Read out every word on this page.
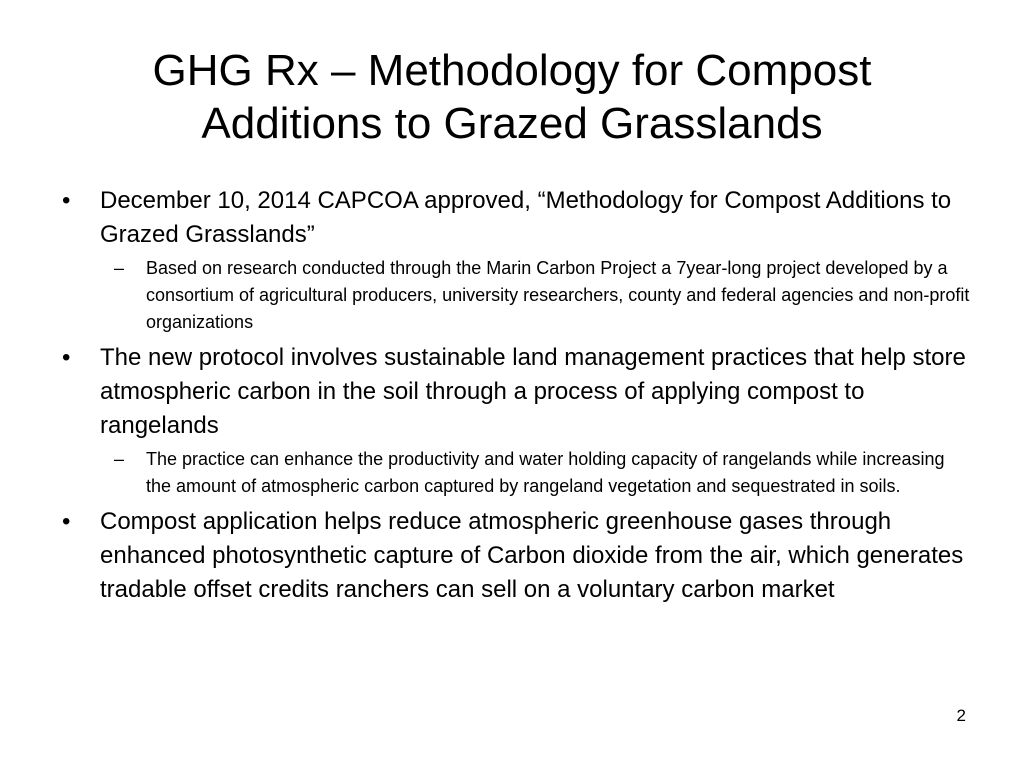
GHG Rx – Methodology for Compost
Additions to Grazed Grasslands
• December 10, 2014 CAPCOA approved, “Methodology for Compost Additions to Grazed Grasslands”
– Based on research conducted through the Marin Carbon Project a 7year-long project developed by a consortium of agricultural producers, university researchers, county and federal agencies and non-profit organizations
• The new protocol involves sustainable land management practices that help store atmospheric carbon in the soil through a process of applying compost to rangelands
– The practice can enhance the productivity and water holding capacity of rangelands while increasing the amount of atmospheric carbon captured by rangeland vegetation and sequestrated in soils.
• Compost application helps reduce atmospheric greenhouse gases through enhanced photosynthetic capture of Carbon dioxide from the air, which generates tradable offset credits ranchers can sell on a voluntary carbon market
2
